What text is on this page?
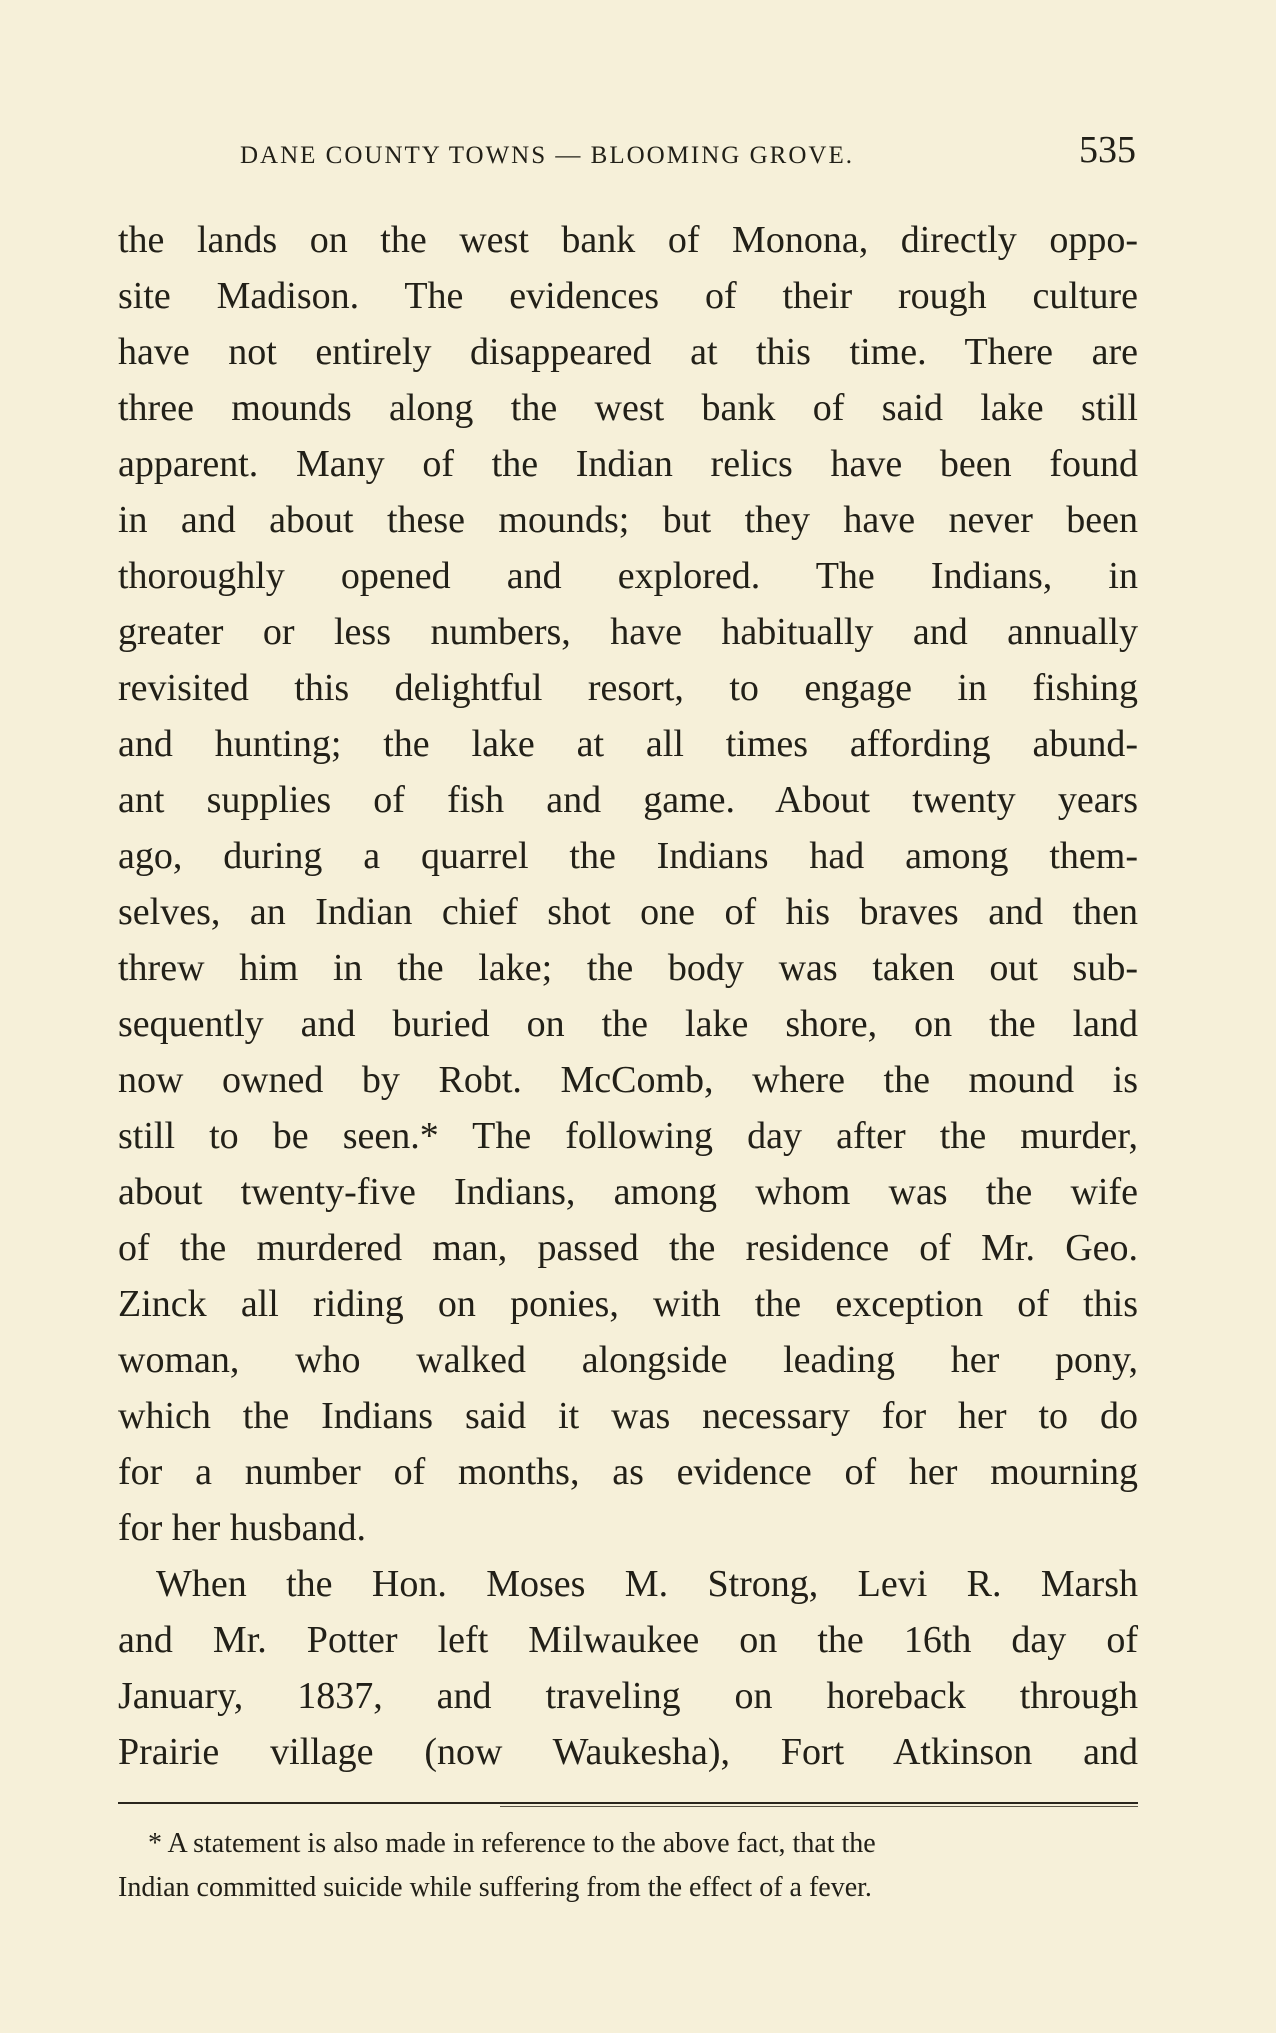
DANE COUNTY TOWNS — BLOOMING GROVE.	535
the lands on the west bank of Monona, directly oppo-
site Madison. The evidences of their rough culture
have not entirely disappeared at this time. There are
three mounds along the west bank of said lake still
apparent. Many of the Indian relics have been found
in and about these mounds; but they have never been
thoroughly opened and explored. The Indians, in
greater or less numbers, have habitually and annually
revisited this delightful resort, to engage in fishing
and hunting; the lake at all times affording abund-
ant supplies of fish and game. About twenty years
ago, during a quarrel the Indians had among them-
selves, an Indian chief shot one of his braves and then
threw him in the lake; the body was taken out sub-
sequently and buried on the lake shore, on the land
now owned by Robt. McComb, where the mound is
still to be seen.* The following day after the murder,
about twenty-five Indians, among whom was the wife
of the murdered man, passed the residence of Mr. Geo.
Zinck all riding on ponies, with the exception of this
woman, who walked alongside leading her pony,
which the Indians said it was necessary for her to do
for a number of months, as evidence of her mourning
for her husband.
When the Hon. Moses M. Strong, Levi R. Marsh
and Mr. Potter left Milwaukee on the 16th day of
January, 1837, and traveling on horeback through
Prairie village (now Waukesha), Fort Atkinson and
* A statement is also made in reference to the above fact, that the
Indian committed suicide while suffering from the effect of a fever.
